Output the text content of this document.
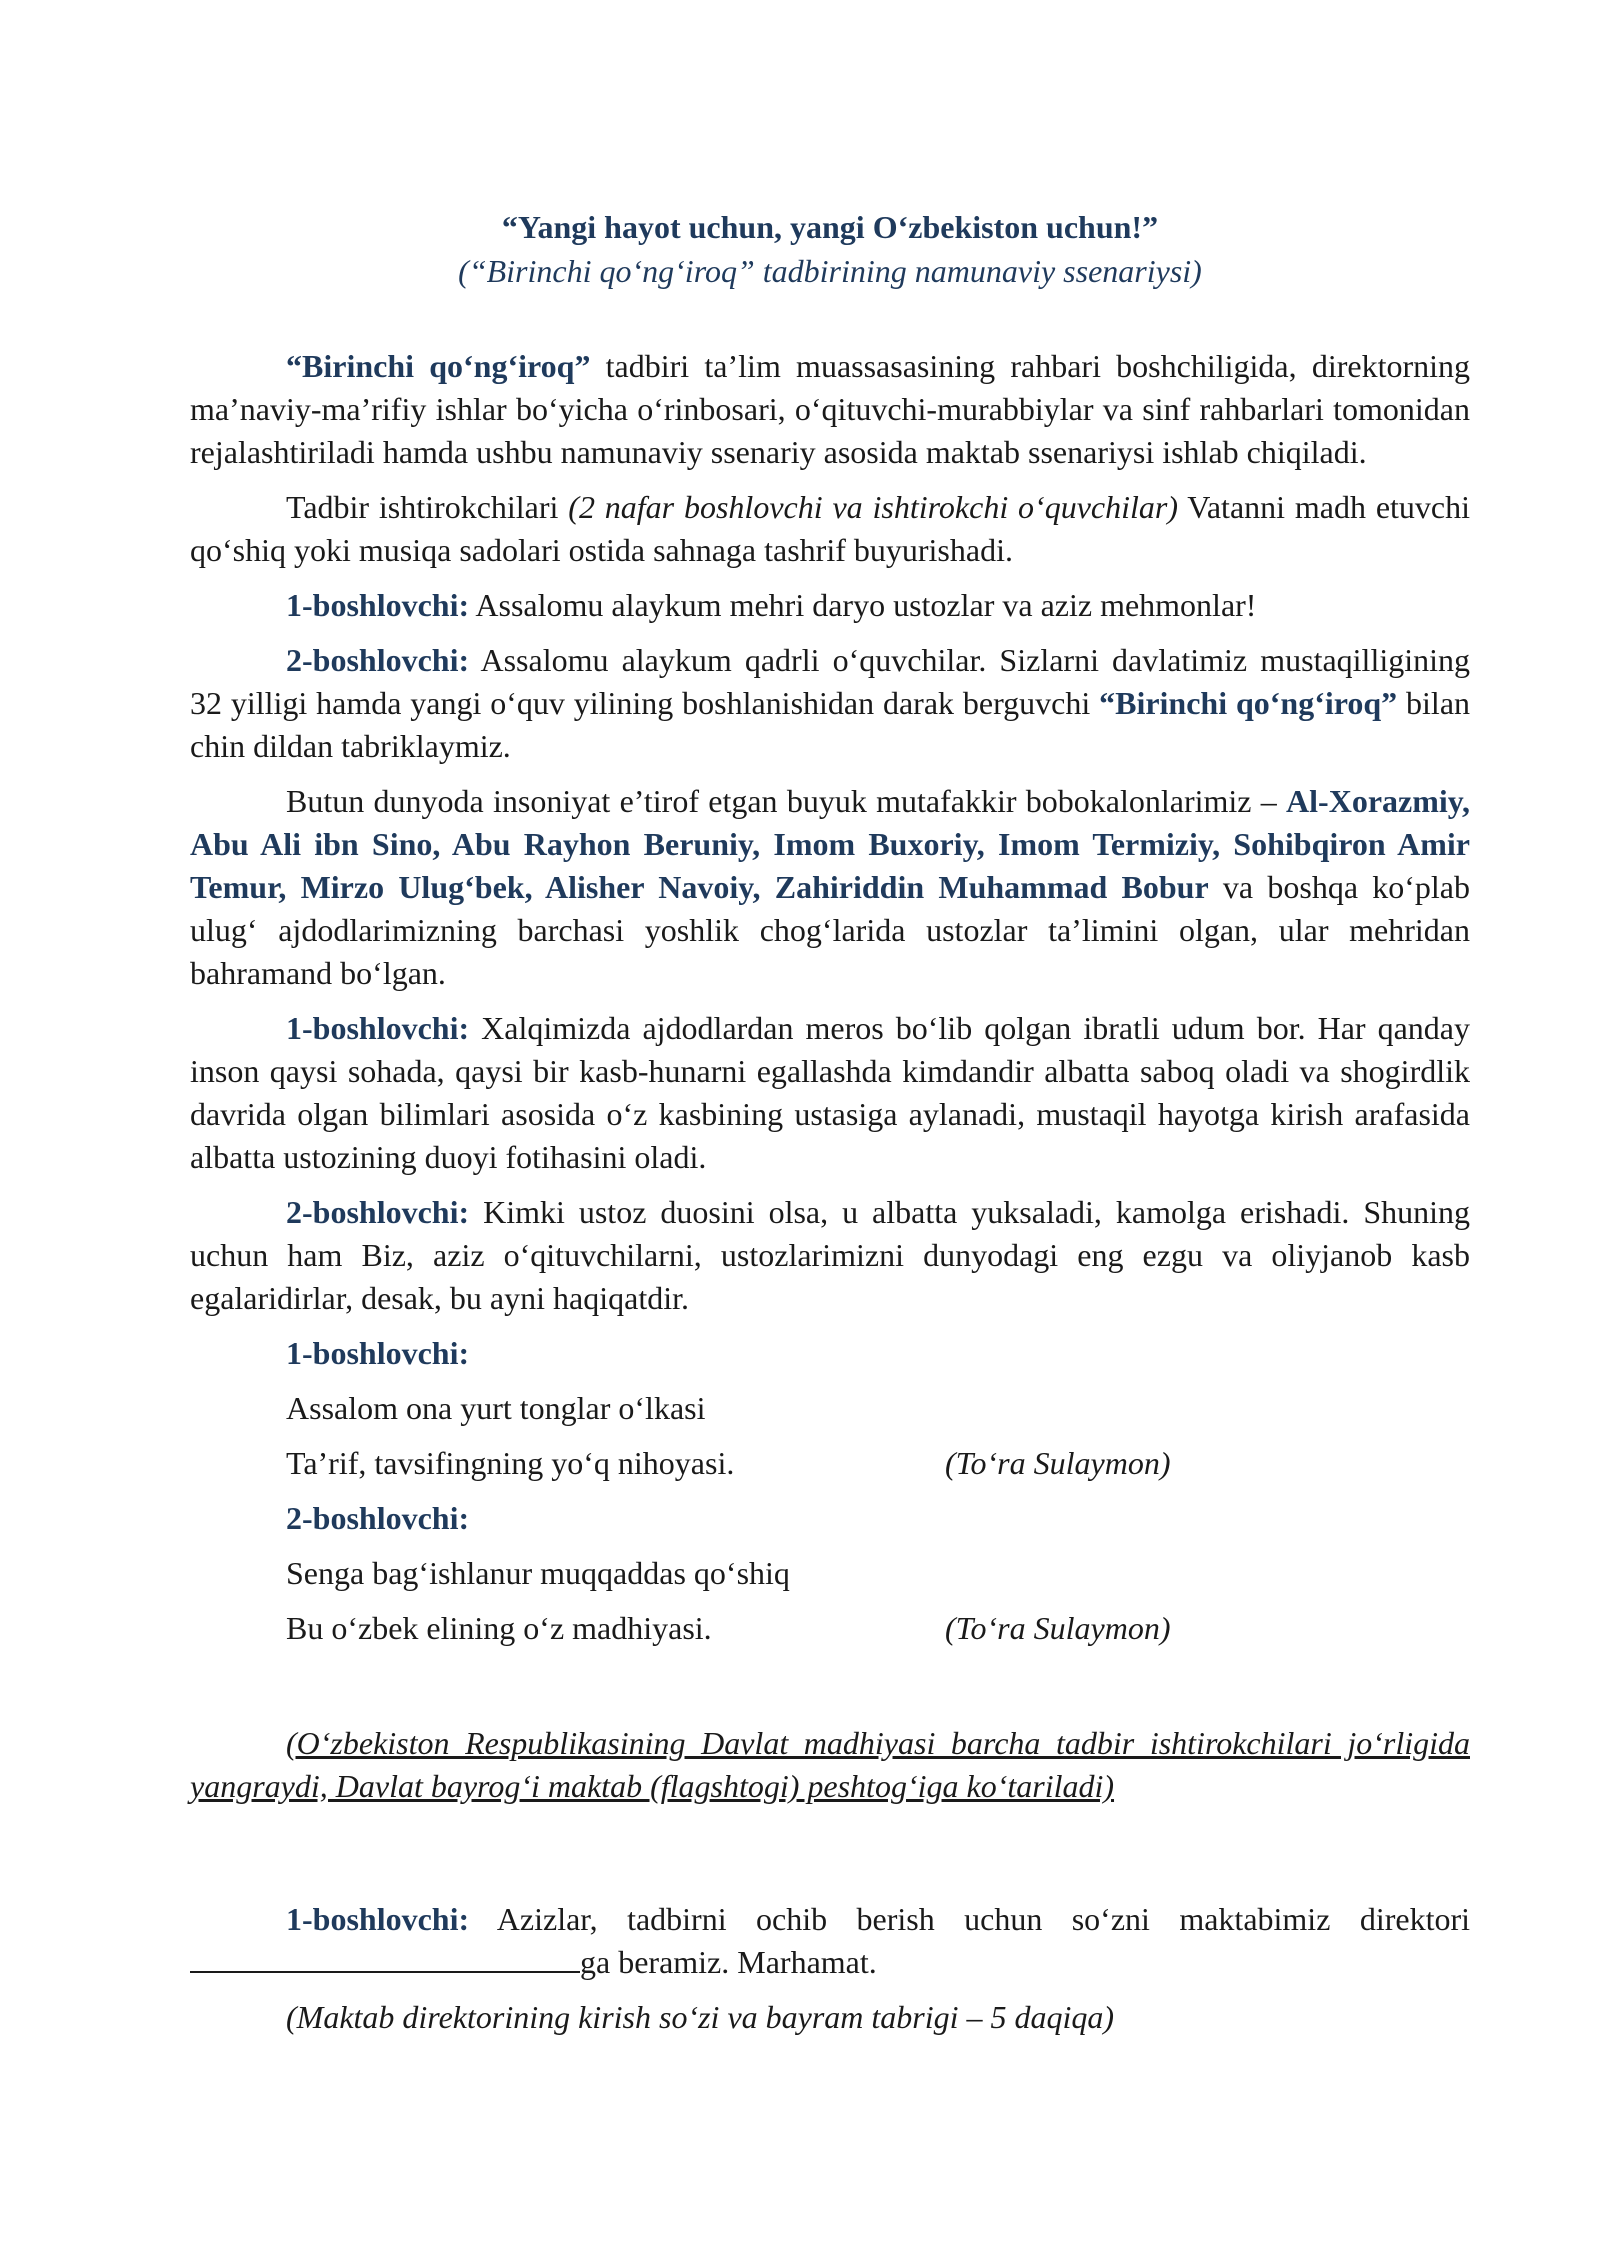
“Yangi hayot uchun, yangi O‘zbekiston uchun!”
(“Birinchi qo‘ng‘iroq” tadbirining namunaviy ssenariysi)

“Birinchi qo‘ng‘iroq” tadbiri ta’lim muassasasining rahbari boshchiligida, direktorning ma’naviy-ma’rifiy ishlar bo‘yicha o‘rinbosari, o‘qituvchi-murabbiylar va sinf rahbarlari tomonidan rejalashtiriladi hamda ushbu namunaviy ssenariy asosida maktab ssenariysi ishlab chiqiladi.

Tadbir ishtirokchilari (2 nafar boshlovchi va ishtirokchi o‘quvchilar) Vatanni madh etuvchi qo‘shiq yoki musiqa sadolari ostida sahnaga tashrif buyurishadi.

1-boshlovchi: Assalomu alaykum mehri daryo ustozlar va aziz mehmonlar!

2-boshlovchi: Assalomu alaykum qadrli o‘quvchilar. Sizlarni davlatimiz mustaqilligining 32 yilligi hamda yangi o‘quv yilining boshlanishidan darak berguvchi “Birinchi qo‘ng‘iroq” bilan chin dildan tabriklaymiz.

Butun dunyoda insoniyat e’tirof etgan buyuk mutafakkir bobokalonlarimiz – Al-Xorazmiy, Abu Ali ibn Sino, Abu Rayhon Beruniy, Imom Buxoriy, Imom Termiziy, Sohibqiron Amir Temur, Mirzo Ulug‘bek, Alisher Navoiy, Zahiriddin Muhammad Bobur va boshqa ko‘plab ulug‘ ajdodlarimizning barchasi yoshlik chog‘larida ustozlar ta’limini olgan, ular mehridan bahramand bo‘lgan.

1-boshlovchi: Xalqimizda ajdodlardan meros bo‘lib qolgan ibratli udum bor. Har qanday inson qaysi sohada, qaysi bir kasb-hunarni egallashda kimdandir albatta saboq oladi va shogirdlik davrida olgan bilimlari asosida o‘z kasbining ustasiga aylanadi, mustaqil hayotga kirish arafasida albatta ustozining duoyi fotihasini oladi.

2-boshlovchi: Kimki ustoz duosini olsa, u albatta yuksaladi, kamolga erishadi. Shuning uchun ham Biz, aziz o‘qituvchilarni, ustozlarimizni dunyodagi eng ezgu va oliyjanob kasb egalaridirlar, desak, bu ayni haqiqatdir.

1-boshlovchi:
Assalom ona yurt tonglar o‘lkasi
Ta’rif, tavsifingning yo‘q nihoyasi.	(To‘ra Sulaymon)
2-boshlovchi:
Senga bag‘ishlanur muqqaddas qo‘shiq
Bu o‘zbek elining o‘z madhiyasi.	(To‘ra Sulaymon)

(O‘zbekiston Respublikasining Davlat madhiyasi barcha tadbir ishtirokchilari jo‘rligida yangraydi, Davlat bayrog‘i maktab (flagshtogi) peshtog‘iga ko‘tariladi)

1-boshlovchi: Azizlar, tadbirni ochib berish uchun so‘zni maktabimiz direktori ga beramiz. Marhamat.

(Maktab direktorining kirish so‘zi va bayram tabrigi – 5 daqiqa)
